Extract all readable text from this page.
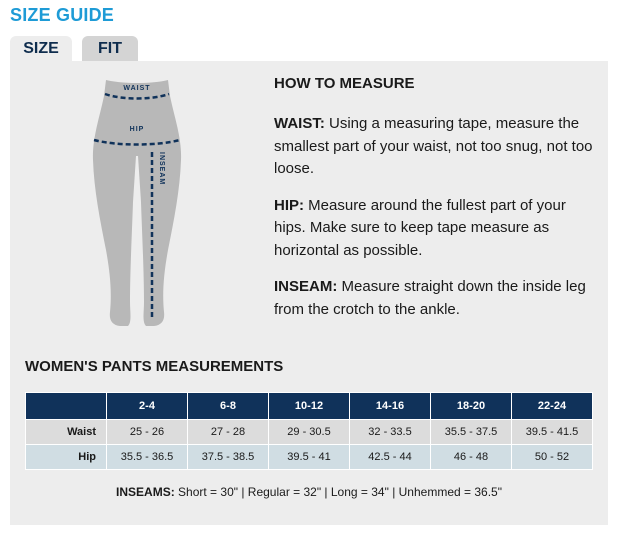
SIZE GUIDE
SIZE	FIT
WAIST
HIP
INSEAM
HOW TO MEASURE
WAIST: Using a measuring tape, measure the smallest part of your waist, not too snug, not too loose.
HIP: Measure around the fullest part of your hips. Make sure to keep tape measure as horizontal as possible.
INSEAM: Measure straight down the inside leg from the crotch to the ankle.
WOMEN'S PANTS MEASUREMENTS
	2-4	6-8	10-12	14-16	18-20	22-24
Waist	25 - 26	27 - 28	29 - 30.5	32 - 33.5	35.5 - 37.5	39.5 - 41.5
Hip	35.5 - 36.5	37.5 - 38.5	39.5 - 41	42.5 - 44	46 - 48	50 - 52
INSEAMS: Short = 30" | Regular = 32" | Long = 34" | Unhemmed = 36.5"
